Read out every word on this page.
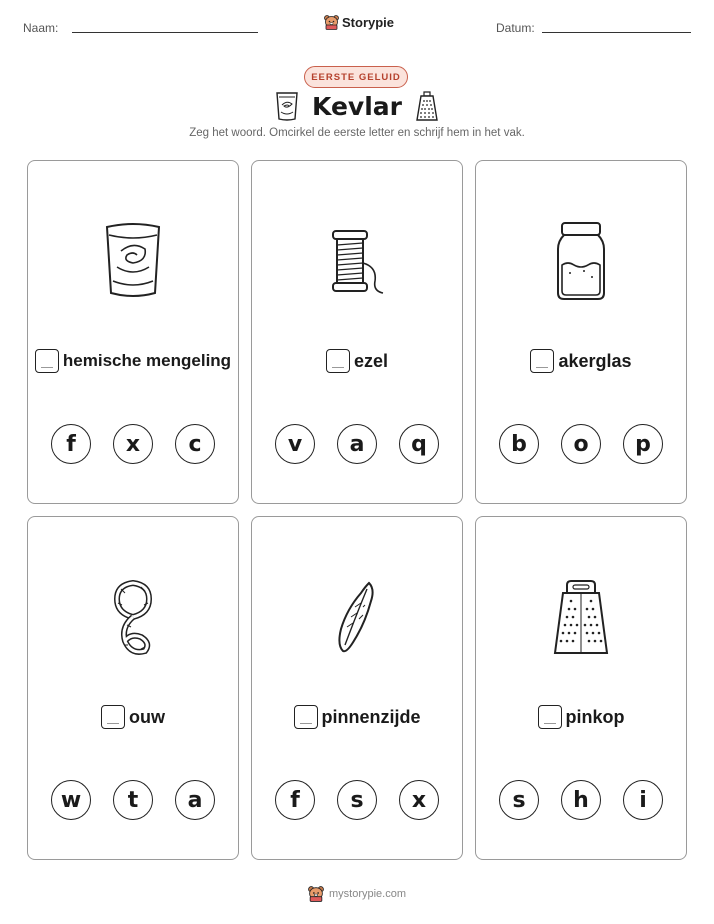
Naam:	Storypie	Datum:
EERSTE GELUID
Kevlar
Zeg het woord. Omcirkel de eerste letter en schrijf hem in het vak.
hemische mengeling
f	x	c
ezel
v	a	q
akerglas
b	o	p
ouw
w	t	a
pinnenzijde
f	s	x
pinkop
s	h	i
mystorypie.com
